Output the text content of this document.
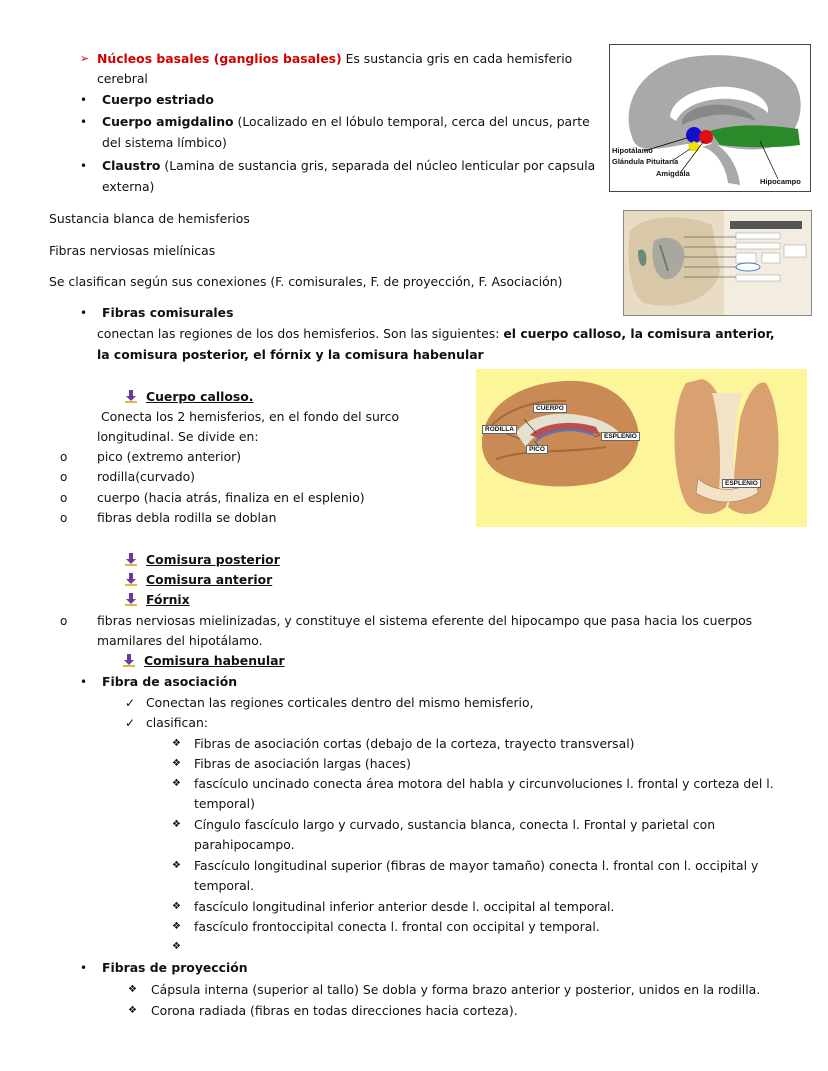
➢ Núcleos basales (ganglios basales) Es sustancia gris en cada hemisferio
cerebral
• Cuerpo estriado
• Cuerpo amigdalino (Localizado en el lóbulo temporal, cerca del uncus, parte
del sistema límbico)
• Claustro (Lamina de sustancia gris, separada del núcleo lenticular por capsula
externa)
Hipotálamo
Glándula Pituitaria
Amigdala
Hipocampo
Sustancia blanca de hemisferios
Fibras nerviosas mielínicas
Se clasifican según sus conexiones (F. comisurales, F. de proyección, F. Asociación)
• Fibras comisurales
conectan las regiones de los dos hemisferios. Son las siguientes: el cuerpo calloso, la comisura anterior,
la comisura posterior, el fórnix y la comisura habenular
Cuerpo calloso.
Conecta los 2 hemisferios, en el fondo del surco
longitudinal. Se divide en:
o pico (extremo anterior)
o rodilla(curvado)
o cuerpo (hacia atrás, finaliza en el esplenio)
o fibras debla rodilla se doblan
CUERPO
RODILLA
PICO
ESPLENIO
ESPLENIO
Comisura posterior
Comisura anterior
Fórnix
o fibras nerviosas mielinizadas, y constituye el sistema eferente del hipocampo que pasa hacia los cuerpos
mamilares del hipotálamo.
Comisura habenular
• Fibra de asociación
✓ Conectan las regiones corticales dentro del mismo hemisferio,
✓ clasifican:
❖ Fibras de asociación cortas (debajo de la corteza, trayecto transversal)
❖ Fibras de asociación largas (haces)
❖ fascículo uncinado conecta área motora del habla y circunvoluciones l. frontal y corteza del l.
temporal)
❖ Cíngulo fascículo largo y curvado, sustancia blanca, conecta l. Frontal y parietal con
parahipocampo.
❖ Fascículo longitudinal superior (fibras de mayor tamaño) conecta l. frontal con l. occipital y
temporal.
❖ fascículo longitudinal inferior anterior desde l. occipital al temporal.
❖ fascículo frontoccipital conecta l. frontal con occipital y temporal.
❖
• Fibras de proyección
❖ Cápsula interna (superior al tallo) Se dobla y forma brazo anterior y posterior, unidos en la rodilla.
❖ Corona radiada (fibras en todas direcciones hacia corteza).
